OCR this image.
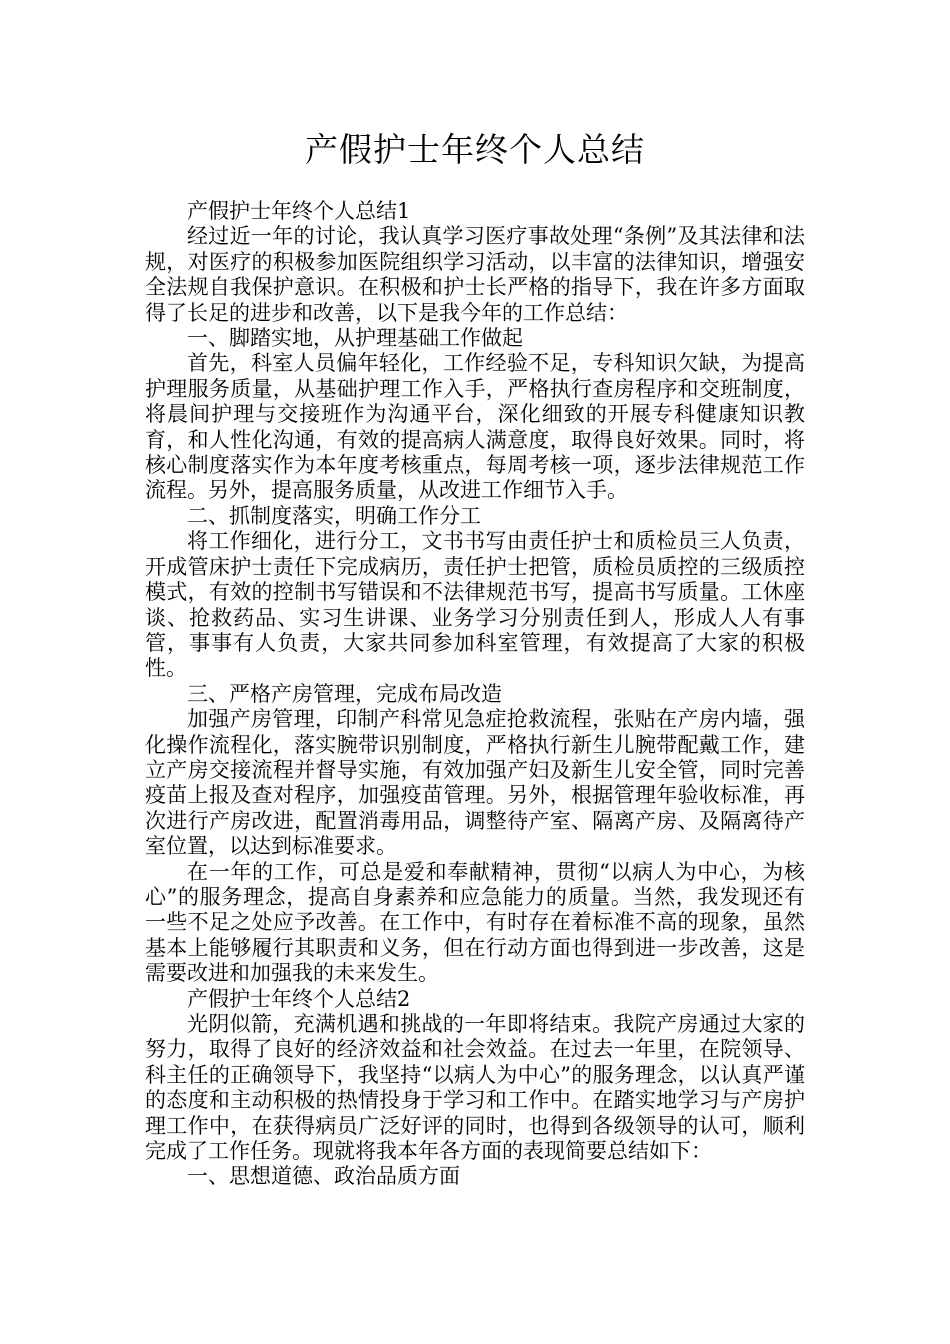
产假护士年终个人总结

产假护士年终个人总结1

经过近一年的讨论，我认真学习医疗事故处理“条例”及其法律和法规，对医疗的积极参加医院组织学习活动，以丰富的法律知识，增强安全法规自我保护意识。在积极和护士长严格的指导下，我在许多方面取得了长足的进步和改善，以下是我今年的工作总结：

一、脚踏实地，从护理基础工作做起

首先，科室人员偏年轻化，工作经验不足，专科知识欠缺，为提高护理服务质量，从基础护理工作入手，严格执行查房程序和交班制度，将晨间护理与交接班作为沟通平台，深化细致的开展专科健康知识教育，和人性化沟通，有效的提高病人满意度，取得良好效果。同时，将核心制度落实作为本年度考核重点，每周考核一项，逐步法律规范工作流程。另外，提高服务质量，从改进工作细节入手。

二、抓制度落实，明确工作分工

将工作细化，进行分工，文书书写由责任护士和质检员三人负责，开成管床护士责任下完成病历，责任护士把管，质检员质控的三级质控模式，有效的控制书写错误和不法律规范书写，提高书写质量。工休座谈、抢救药品、实习生讲课、业务学习分别责任到人，形成人人有事管，事事有人负责，大家共同参加科室管理，有效提高了大家的积极性。

三、严格产房管理，完成布局改造

加强产房管理，印制产科常见急症抢救流程，张贴在产房内墙，强化操作流程化，落实腕带识别制度，严格执行新生儿腕带配戴工作，建立产房交接流程并督导实施，有效加强产妇及新生儿安全管，同时完善疫苗上报及查对程序，加强疫苗管理。另外，根据管理年验收标准，再次进行产房改进，配置消毒用品，调整待产室、隔离产房、及隔离待产室位置，以达到标准要求。

在一年的工作，可总是爱和奉献精神，贯彻“以病人为中心，为核心”的服务理念，提高自身素养和应急能力的质量。当然，我发现还有一些不足之处应予改善。在工作中，有时存在着标准不高的现象，虽然基本上能够履行其职责和义务，但在行动方面也得到进一步改善，这是需要改进和加强我的未来发生。

产假护士年终个人总结2

光阴似箭，充满机遇和挑战的一年即将结束。我院产房通过大家的努力，取得了良好的经济效益和社会效益。在过去一年里，在院领导、科主任的正确领导下，我坚持“以病人为中心”的服务理念，以认真严谨的态度和主动积极的热情投身于学习和工作中。在踏实地学习与产房护理工作中，在获得病员广泛好评的同时，也得到各级领导的认可，顺利完成了工作任务。现就将我本年各方面的表现简要总结如下：

一、思想道德、政治品质方面
